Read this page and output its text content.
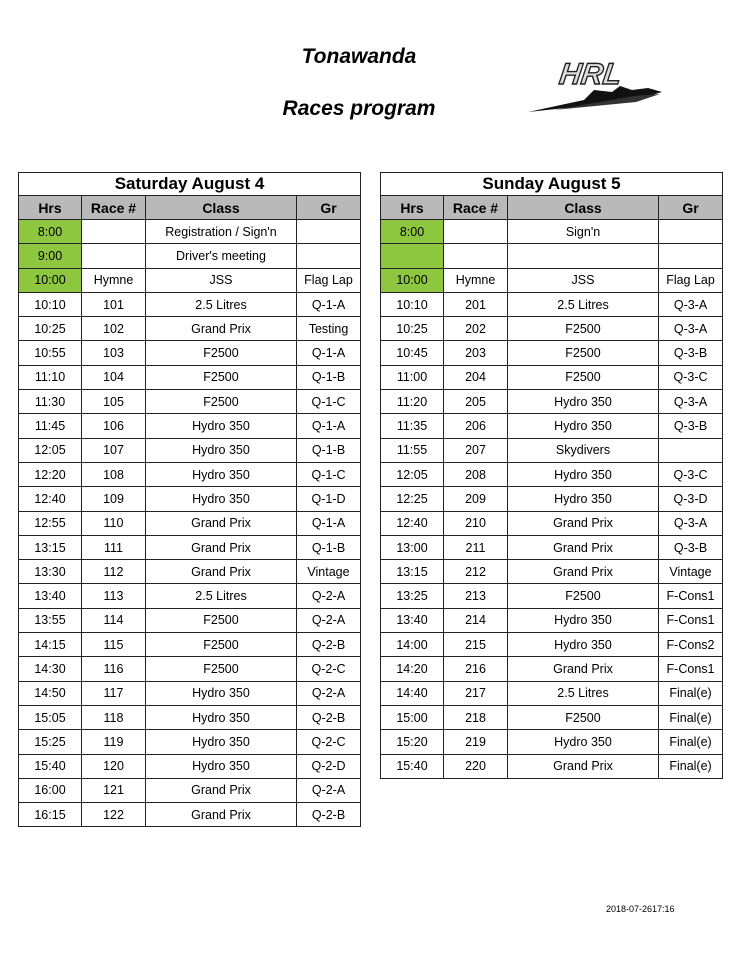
Tonawanda
Races program
HRL
Saturday August 4			
Hrs	Race #	Class	Gr
8:00		Registration / Sign'n	
9:00		Driver's meeting	
10:00	Hymne	JSS	Flag Lap
10:10	101	2.5 Litres	Q-1-A
10:25	102	Grand Prix	Testing
10:55	103	F2500	Q-1-A
11:10	104	F2500	Q-1-B
11:30	105	F2500	Q-1-C
11:45	106	Hydro 350	Q-1-A
12:05	107	Hydro 350	Q-1-B
12:20	108	Hydro 350	Q-1-C
12:40	109	Hydro 350	Q-1-D
12:55	110	Grand Prix	Q-1-A
13:15	111	Grand Prix	Q-1-B
13:30	112	Grand Prix	Vintage
13:40	113	2.5 Litres	Q-2-A
13:55	114	F2500	Q-2-A
14:15	115	F2500	Q-2-B
14:30	116	F2500	Q-2-C
14:50	117	Hydro 350	Q-2-A
15:05	118	Hydro 350	Q-2-B
15:25	119	Hydro 350	Q-2-C
15:40	120	Hydro 350	Q-2-D
16:00	121	Grand Prix	Q-2-A
16:15	122	Grand Prix	Q-2-B
Sunday August 5			
Hrs	Race #	Class	Gr
8:00		Sign'n	

10:00	Hymne	JSS	Flag Lap
10:10	201	2.5 Litres	Q-3-A
10:25	202	F2500	Q-3-A
10:45	203	F2500	Q-3-B
11:00	204	F2500	Q-3-C
11:20	205	Hydro 350	Q-3-A
11:35	206	Hydro 350	Q-3-B
11:55	207	Skydivers	
12:05	208	Hydro 350	Q-3-C
12:25	209	Hydro 350	Q-3-D
12:40	210	Grand Prix	Q-3-A
13:00	211	Grand Prix	Q-3-B
13:15	212	Grand Prix	Vintage
13:25	213	F2500	F-Cons1
13:40	214	Hydro 350	F-Cons1
14:00	215	Hydro 350	F-Cons2
14:20	216	Grand Prix	F-Cons1
14:40	217	2.5 Litres	Final(e)
15:00	218	F2500	Final(e)
15:20	219	Hydro 350	Final(e)
15:40	220	Grand Prix	Final(e)
2018-07-2617:16
